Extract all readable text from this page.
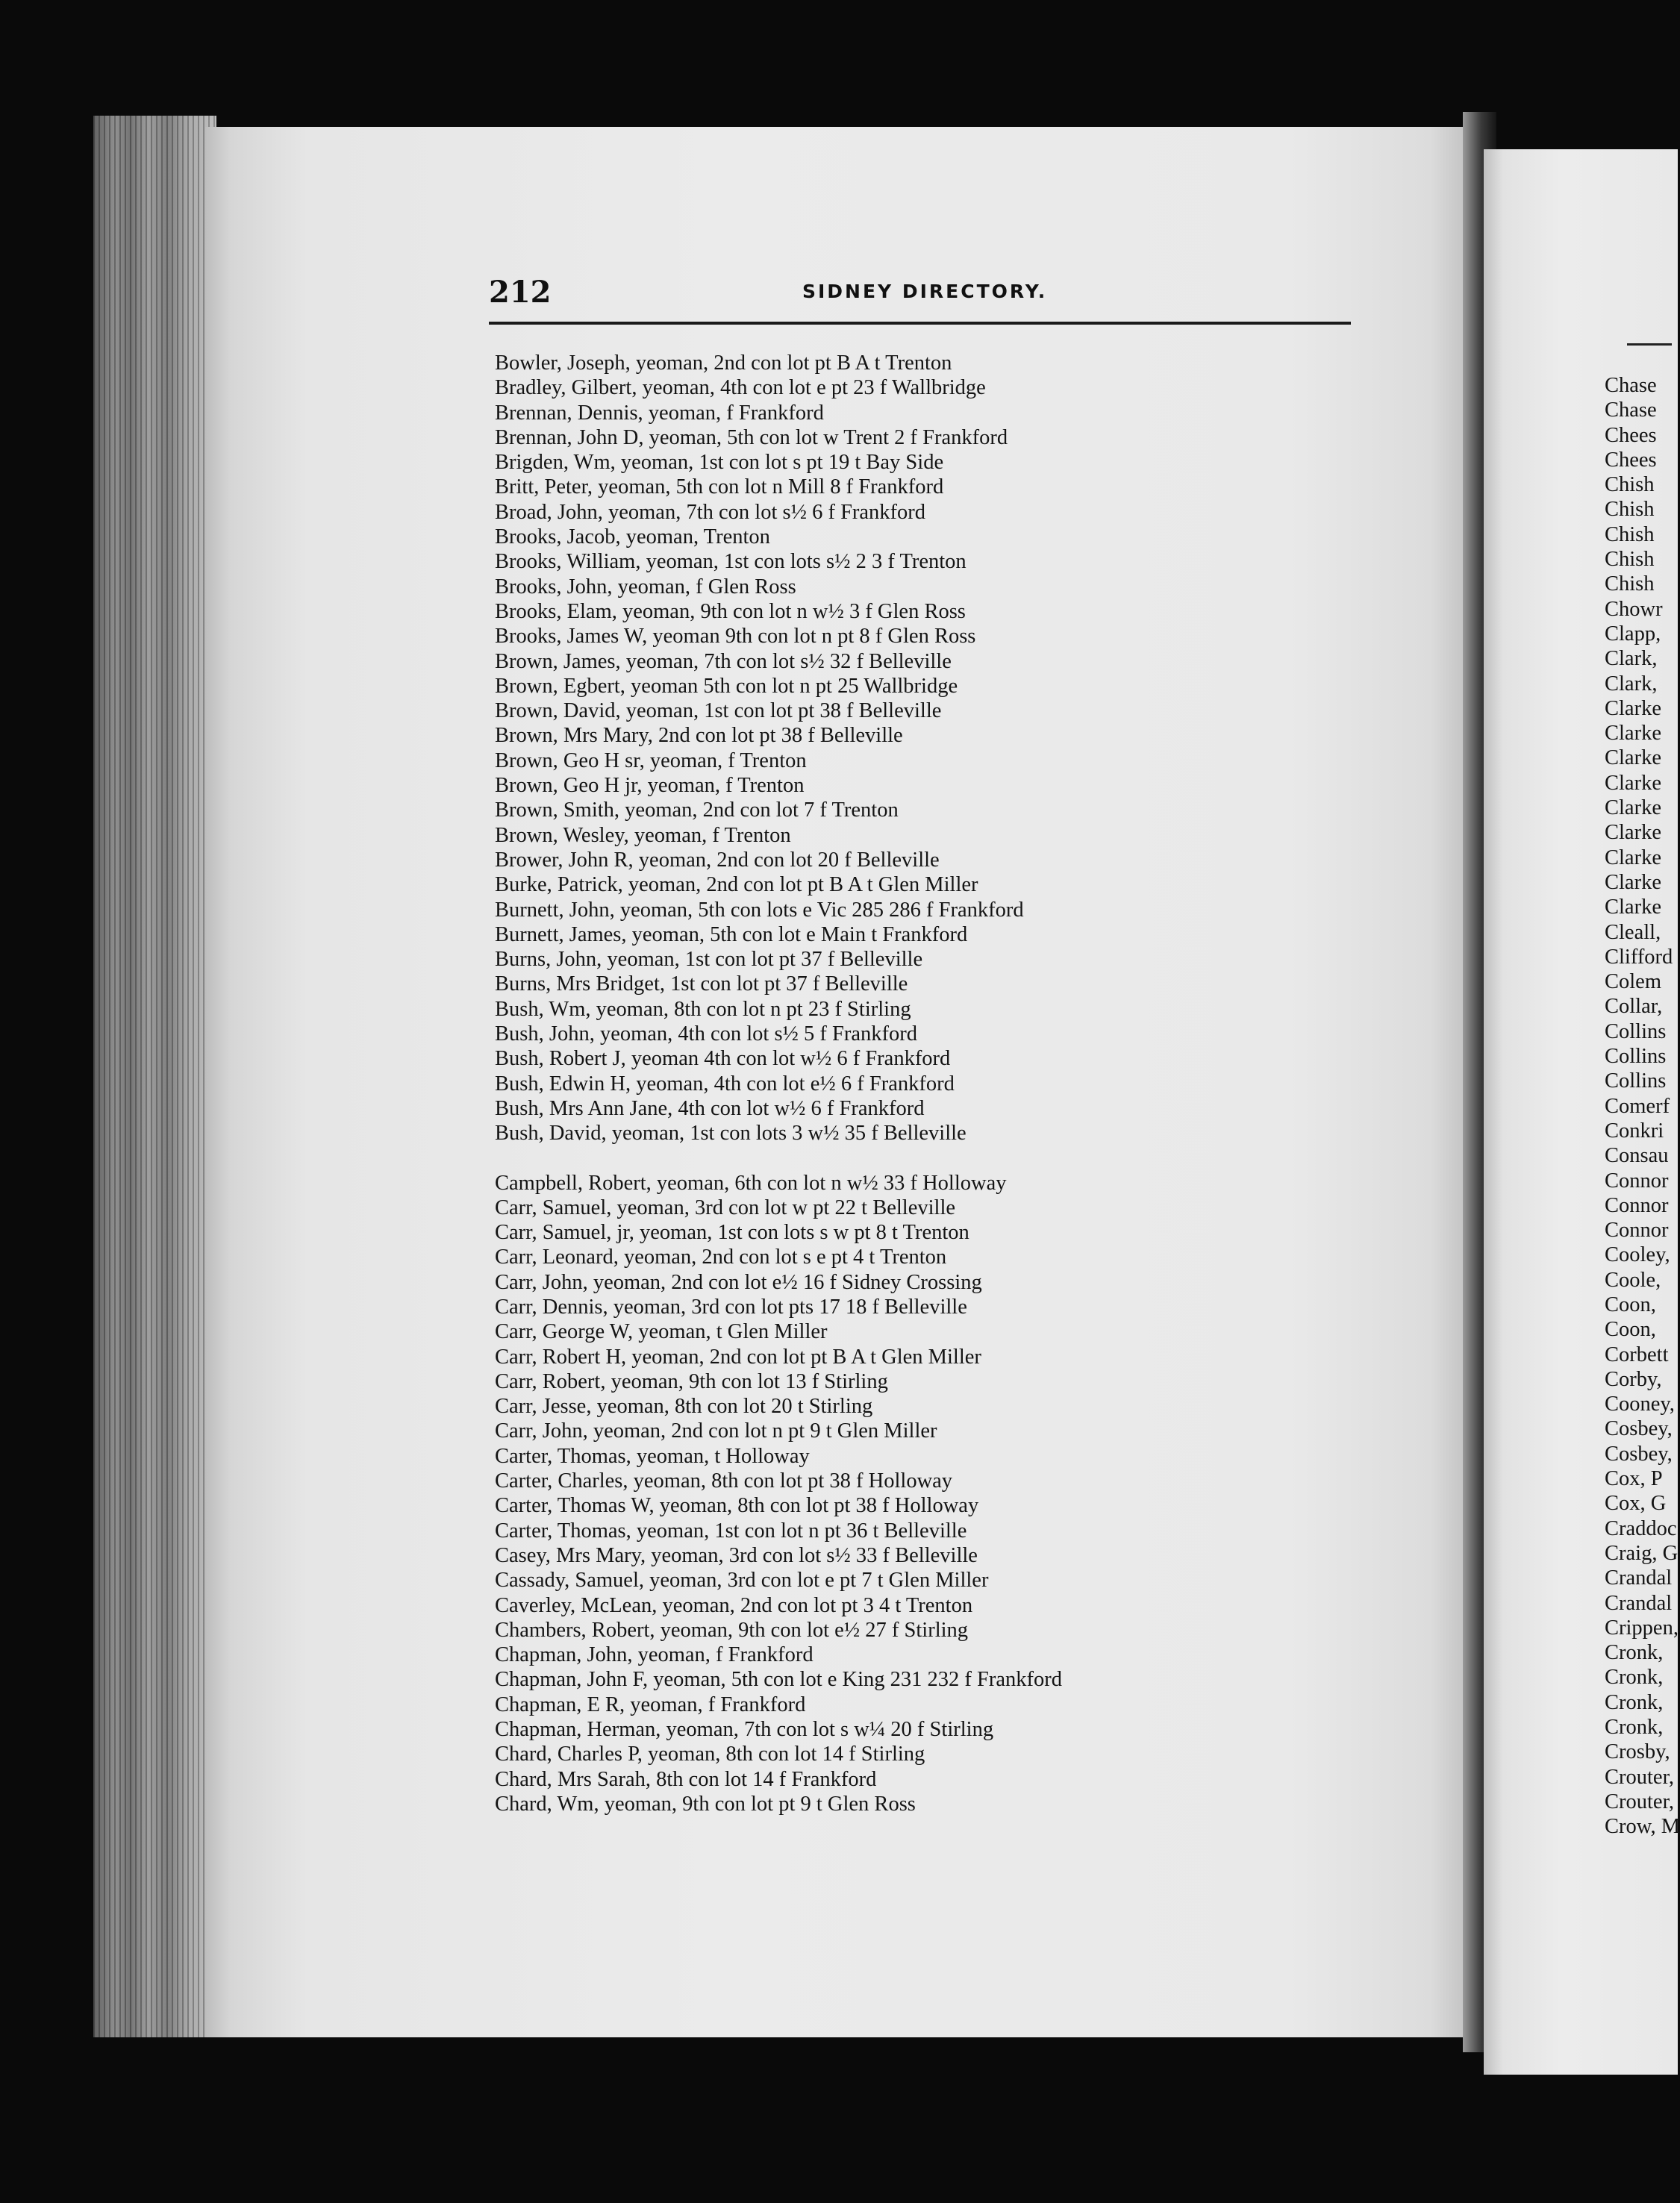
212	SIDNEY DIRECTORY.
Bowler, Joseph, yeoman, 2nd con lot pt B A t Trenton
Bradley, Gilbert, yeoman, 4th con lot e pt 23 f Wallbridge
Brennan, Dennis, yeoman, f Frankford
Brennan, John D, yeoman, 5th con lot w Trent 2 f Frankford
Brigden, Wm, yeoman, 1st con lot s pt 19 t Bay Side
Britt, Peter, yeoman, 5th con lot n Mill 8 f Frankford
Broad, John, yeoman, 7th con lot s½ 6 f Frankford
Brooks, Jacob, yeoman, Trenton
Brooks, William, yeoman, 1st con lots s½ 2 3 f Trenton
Brooks, John, yeoman, f Glen Ross
Brooks, Elam, yeoman, 9th con lot n w½ 3 f Glen Ross
Brooks, James W, yeoman 9th con lot n pt 8 f Glen Ross
Brown, James, yeoman, 7th con lot s½ 32 f Belleville
Brown, Egbert, yeoman 5th con lot n pt 25 Wallbridge
Brown, David, yeoman, 1st con lot pt 38 f Belleville
Brown, Mrs Mary, 2nd con lot pt 38 f Belleville
Brown, Geo H sr, yeoman, f Trenton
Brown, Geo H jr, yeoman, f Trenton
Brown, Smith, yeoman, 2nd con lot 7 f Trenton
Brown, Wesley, yeoman, f Trenton
Brower, John R, yeoman, 2nd con lot 20 f Belleville
Burke, Patrick, yeoman, 2nd con lot pt B A t Glen Miller
Burnett, John, yeoman, 5th con lots e Vic 285 286 f Frankford
Burnett, James, yeoman, 5th con lot e Main t Frankford
Burns, John, yeoman, 1st con lot pt 37 f Belleville
Burns, Mrs Bridget, 1st con lot pt 37 f Belleville
Bush, Wm, yeoman, 8th con lot n pt 23 f Stirling
Bush, John, yeoman, 4th con lot s½ 5 f Frankford
Bush, Robert J, yeoman 4th con lot w½ 6 f Frankford
Bush, Edwin H, yeoman, 4th con lot e½ 6 f Frankford
Bush, Mrs Ann Jane, 4th con lot w½ 6 f Frankford
Bush, David, yeoman, 1st con lots 3 w½ 35 f Belleville
Campbell, Robert, yeoman, 6th con lot n w½ 33 f Holloway
Carr, Samuel, yeoman, 3rd con lot w pt 22 t Belleville
Carr, Samuel, jr, yeoman, 1st con lots s w pt 8 t Trenton
Carr, Leonard, yeoman, 2nd con lot s e pt 4 t Trenton
Carr, John, yeoman, 2nd con lot e½ 16 f Sidney Crossing
Carr, Dennis, yeoman, 3rd con lot pts 17 18 f Belleville
Carr, George W, yeoman, t Glen Miller
Carr, Robert H, yeoman, 2nd con lot pt B A t Glen Miller
Carr, Robert, yeoman, 9th con lot 13 f Stirling
Carr, Jesse, yeoman, 8th con lot 20 t Stirling
Carr, John, yeoman, 2nd con lot n pt 9 t Glen Miller
Carter, Thomas, yeoman, t Holloway
Carter, Charles, yeoman, 8th con lot pt 38 f Holloway
Carter, Thomas W, yeoman, 8th con lot pt 38 f Holloway
Carter, Thomas, yeoman, 1st con lot n pt 36 t Belleville
Casey, Mrs Mary, yeoman, 3rd con lot s½ 33 f Belleville
Cassady, Samuel, yeoman, 3rd con lot e pt 7 t Glen Miller
Caverley, McLean, yeoman, 2nd con lot pt 3 4 t Trenton
Chambers, Robert, yeoman, 9th con lot e½ 27 f Stirling
Chapman, John, yeoman, f Frankford
Chapman, John F, yeoman, 5th con lot e King 231 232 f Frankford
Chapman, E R, yeoman, f Frankford
Chapman, Herman, yeoman, 7th con lot s w¼ 20 f Stirling
Chard, Charles P, yeoman, 8th con lot 14 f Stirling
Chard, Mrs Sarah, 8th con lot 14 f Frankford
Chard, Wm, yeoman, 9th con lot pt 9 t Glen Ross
Chase
Chase
Chees
Chees
Chish
Chish
Chish
Chish
Chish
Chowr
Clapp,
Clark,
Clark,
Clarke
Clarke
Clarke
Clarke
Clarke
Clarke
Clarke
Clarke
Clarke
Cleall,
Clifford
Colem
Collar,
Collins
Collins
Collins
Comerf
Conkri
Consau
Connor
Connor
Connor
Cooley,
Coole,
Coon,
Coon,
Corbett
Corby,
Cooney,
Cosbey,
Cosbey,
Cox, P
Cox, G
Craddoc
Craig, G
Crandal
Crandal
Crippen,
Cronk,
Cronk,
Cronk,
Cronk,
Crosby,
Crouter,
Crouter,
Crow, M
